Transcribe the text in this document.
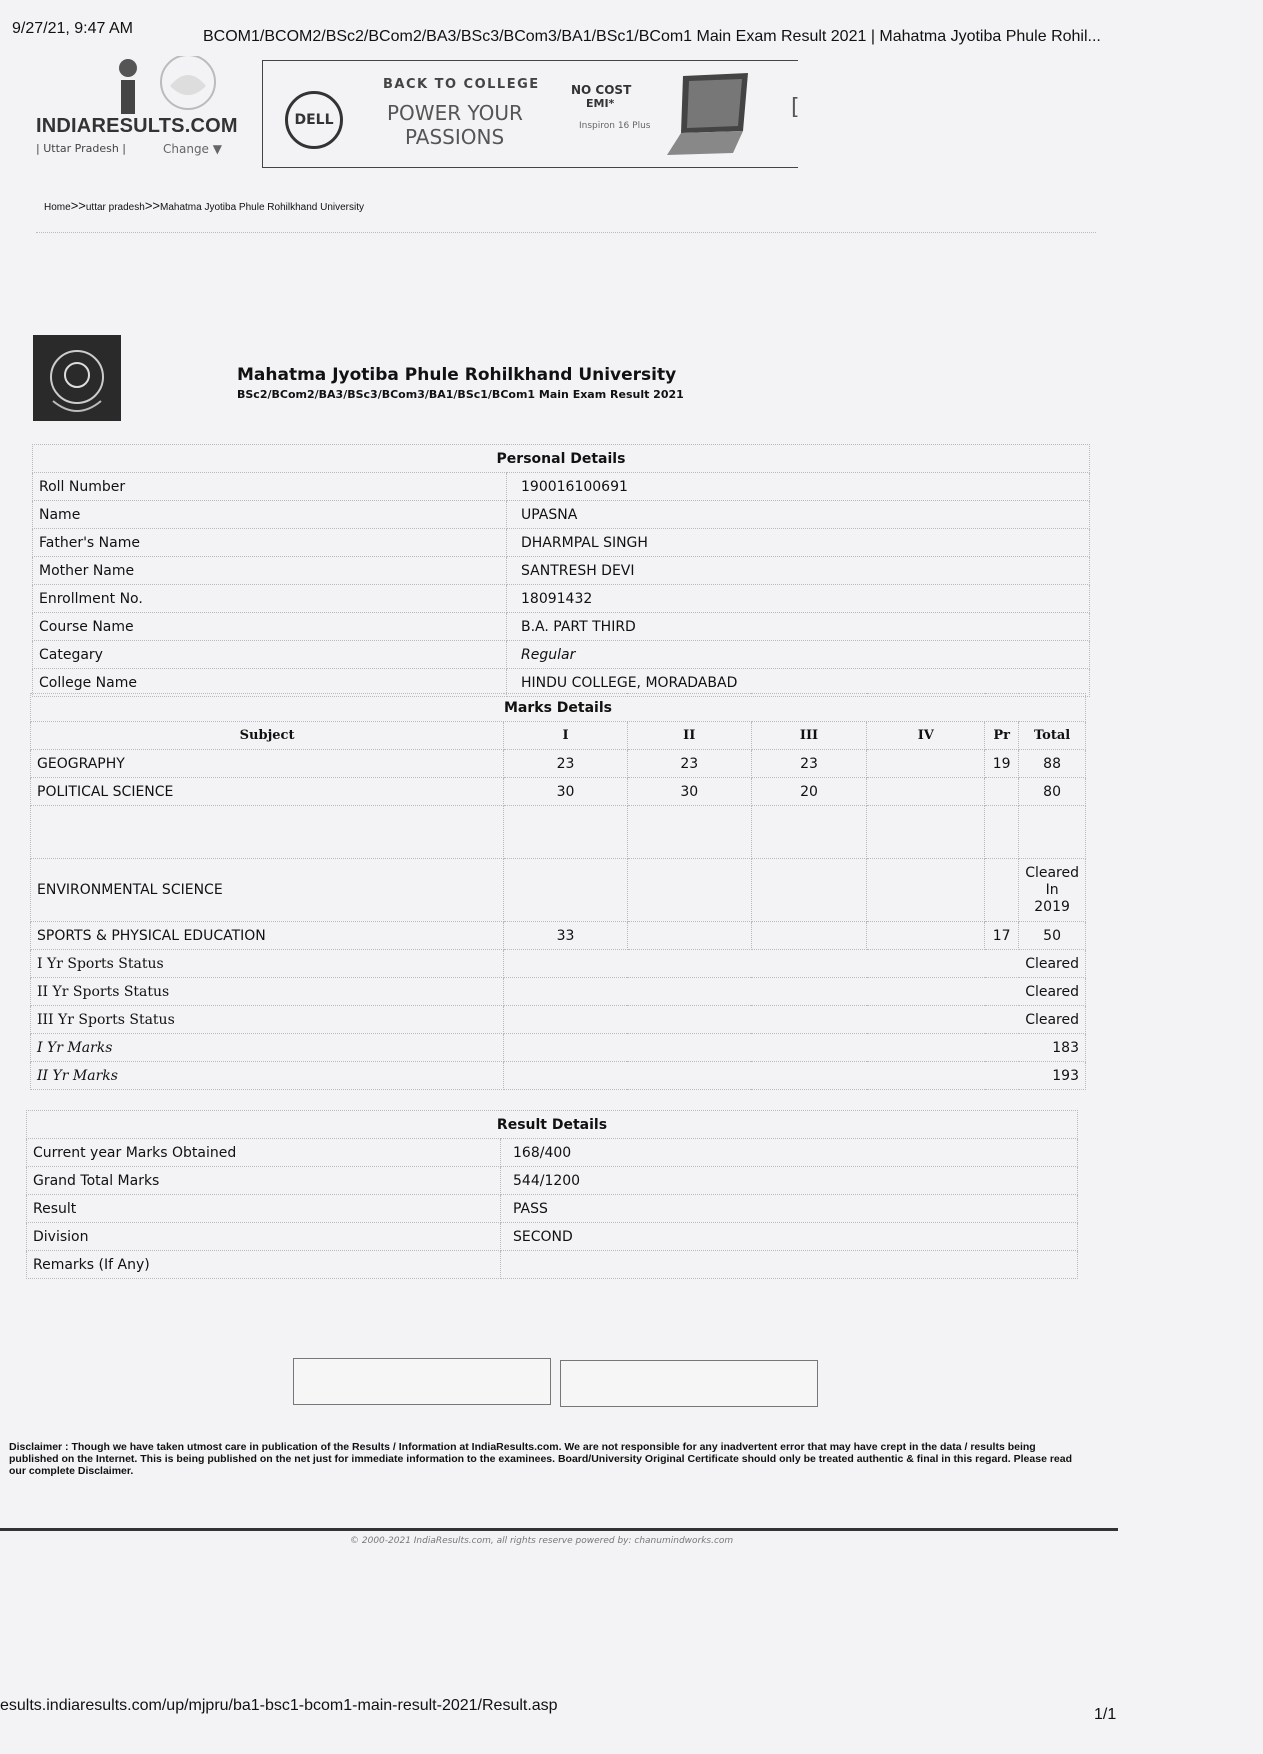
9/27/21, 9:47 AM	BCOM1/BCOM2/BSc2/BCom2/BA3/BSc3/BCom3/BA1/BSc1/BCom1 Main Exam Result 2021 | Mahatma Jyotiba Phule Rohil...
INDIARESULTS.COM
| Uttar Pradesh |	Change ▼
DELL
BACK TO COLLEGE
POWER YOUR
PASSIONS
NO COST
EMI*
Inspiron 16 Plus
[
Home>>uttar pradesh>>Mahatma Jyotiba Phule Rohilkhand University
Mahatma Jyotiba Phule Rohilkhand University
BSc2/BCom2/BA3/BSc3/BCom3/BA1/BSc1/BCom1 Main Exam Result 2021
Personal Details	
Roll Number	190016100691
Name	UPASNA
Father's Name	DHARMPAL SINGH
Mother Name	SANTRESH DEVI
Enrollment No.	18091432
Course Name	B.A. PART THIRD
Categary	Regular
College Name	HINDU COLLEGE, MORADABAD
Marks Details						
Subject	I	II	III	IV	Pr	Total
GEOGRAPHY	23	23	23		19	88
POLITICAL SCIENCE	30	30	20			80

ENVIRONMENTAL SCIENCE						Cleared
In
2019
SPORTS & PHYSICAL EDUCATION	33				17	50
I Yr Sports Status	Cleared					
II Yr Sports Status	Cleared					
III Yr Sports Status	Cleared					
I Yr Marks	183					
II Yr Marks	193					
Result Details	
Current year Marks Obtained	168/400
Grand Total Marks	544/1200
Result	PASS
Division	SECOND
Remarks (If Any)	
Disclaimer : Though we have taken utmost care in publication of the Results / Information at IndiaResults.com. We are not responsible for any inadvertent error that may have crept in the data / results being published on the Internet. This is being published on the net just for immediate information to the examinees. Board/University Original Certificate should only be treated authentic & final in this regard. Please read our complete Disclaimer.
© 2000-2021 IndiaResults.com, all rights reserve powered by: chanumindworks.com
esults.indiaresults.com/up/mjpru/ba1-bsc1-bcom1-main-result-2021/Result.asp
1/1
